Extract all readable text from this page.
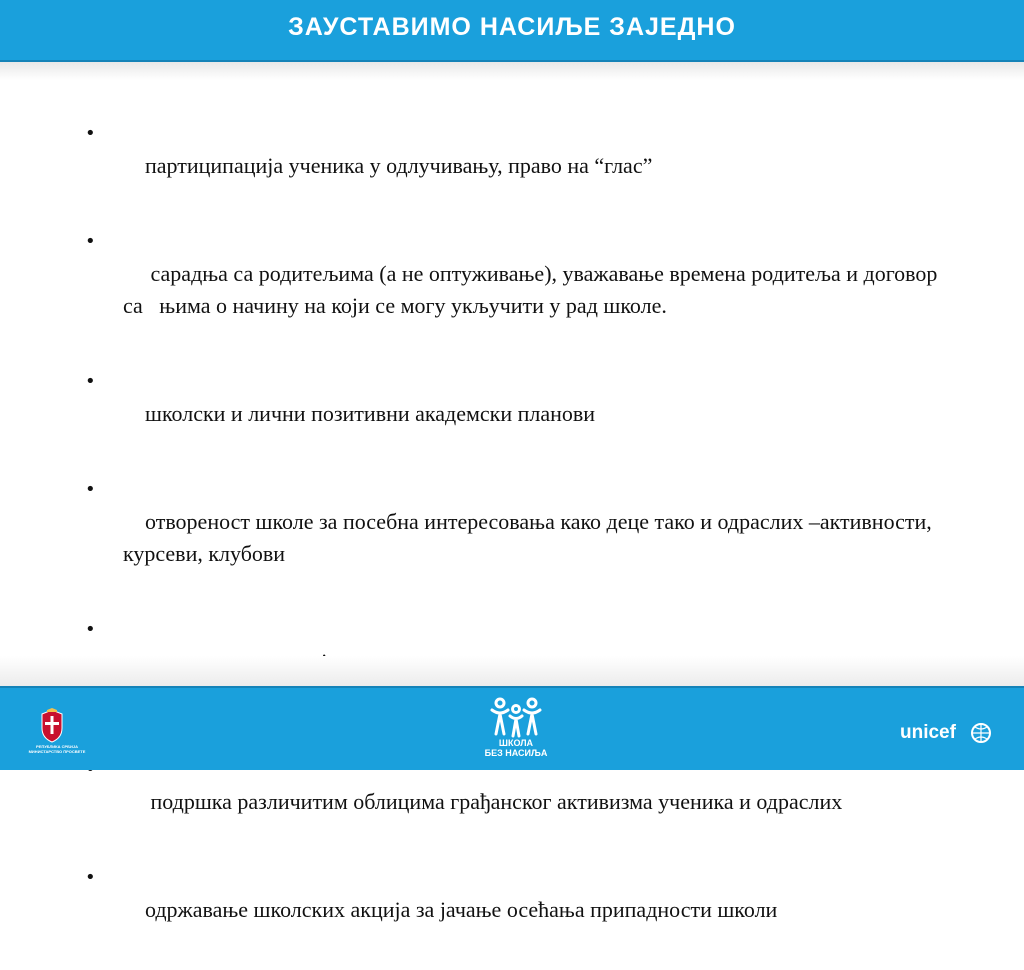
ЗАУСТАВИМО НАСИЉЕ ЗАЈЕДНО

•
партиципација ученика у одлучивању, право на “глас”

•
сарадња са родитељима (а не оптуживање), уважавање времена родитеља и договор са   њима о начину на који се могу укључити у рад школе.

•
школски и лични позитивни академски планови

•
отвореност школе за посебна интересовања како деце тако и одраслих –активности, курсеви, клубови

•

подршка различитим облицима грађанског активизма ученика и одраслих

•
одржавање школских акција за јачање осећања припадности школи

РЕПУБЛИКА СРБИЈА МИНИСТАРСТВО ПРОСВЕТЕ
ШКОЛА
БЕЗ НАСИЉА
unicef
